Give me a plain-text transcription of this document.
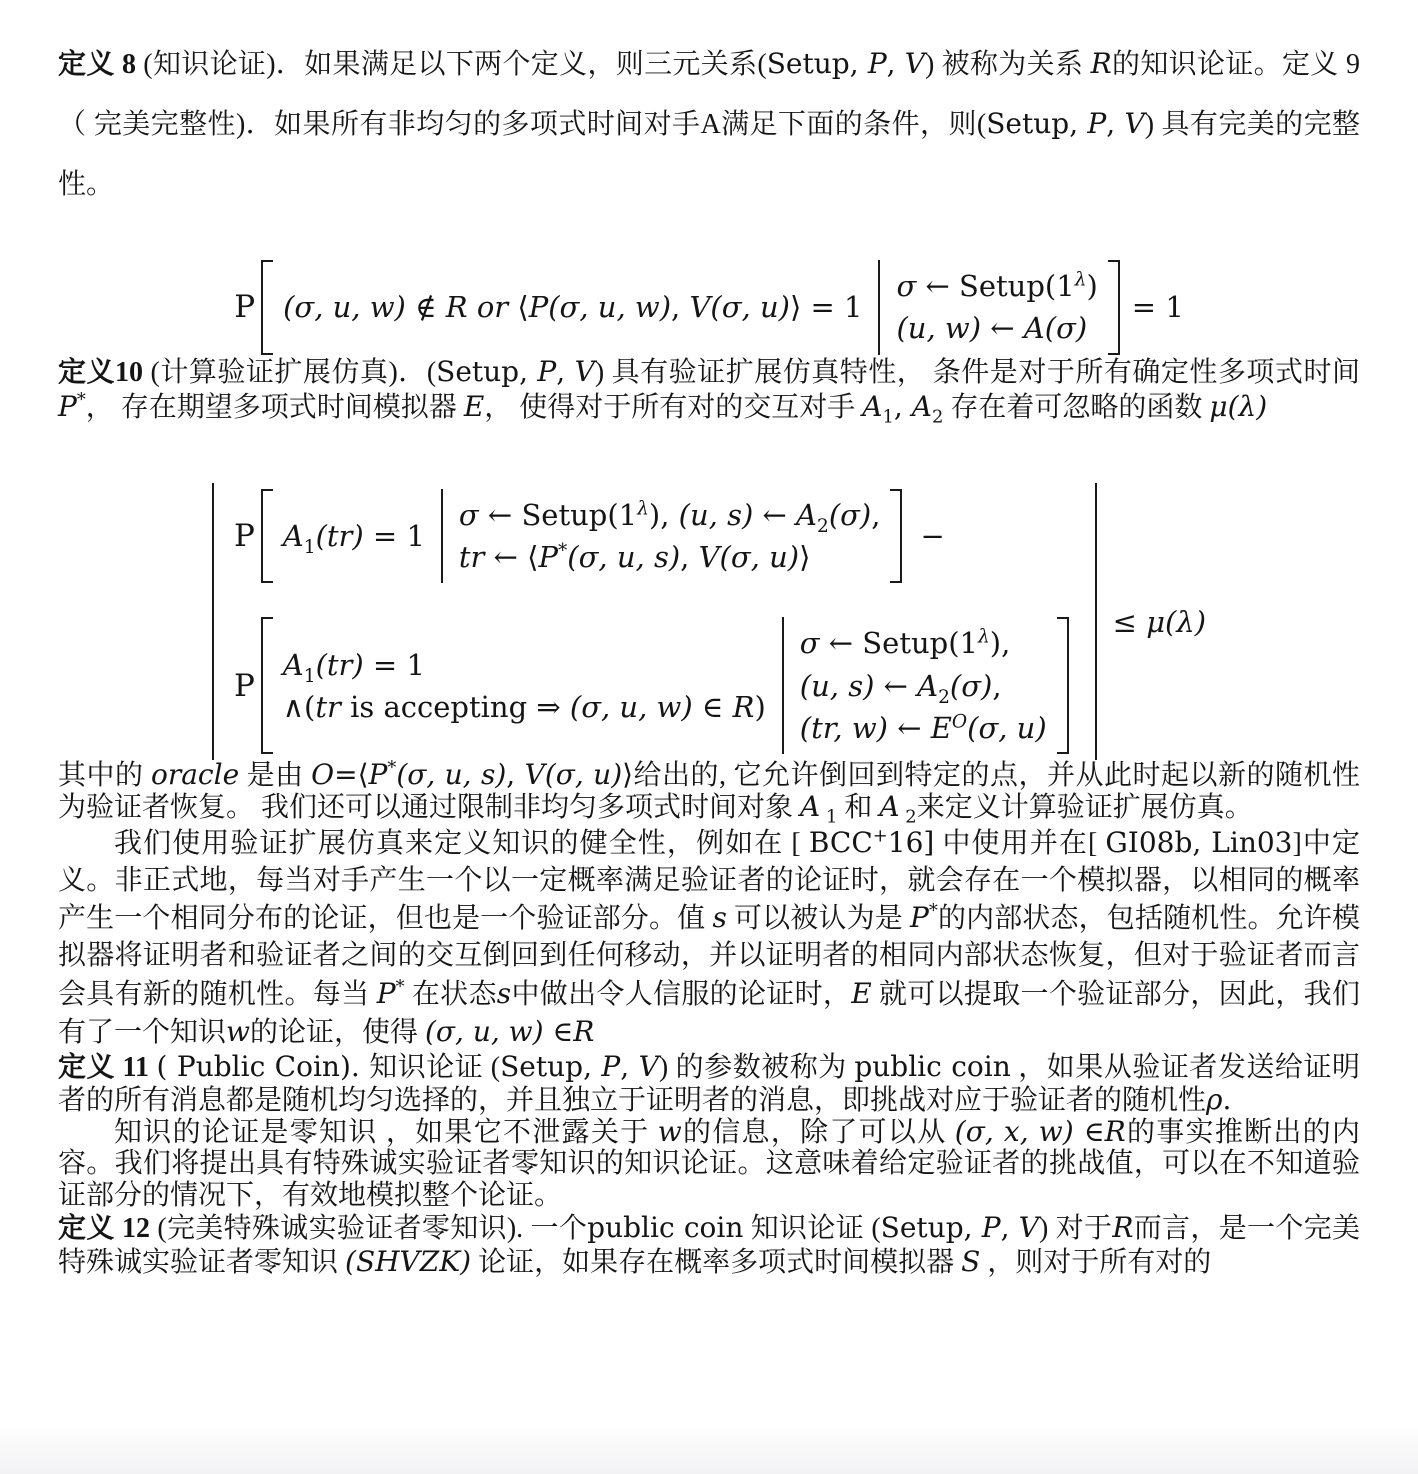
定义 8 (知识论证)．如果满足以下两个定义，则三元关系(Setup, P, V) 被称为关系 R的知识论证。定义 9 （ 完美完整性)．如果所有非均匀的多项式时间对手A满足下面的条件，则(Setup, P, V) 具有完美的完整性。

P (σ, u, w) ∉ R or ⟨P(σ, u, w), V(σ, u)⟩ = 1
σ ← $Setup(1^\lambda)$
(u, w) ← A(σ)
= 1

定义10 (计算验证扩展仿真)．(Setup, P, V) 具有验证扩展仿真特性， 条件是对于所有确定性多项式时间P*， 存在期望多项式时间模拟器 E， 使得对于所有对的交互对手 $A_1$, $A_2$ 存在着可忽略的函数 μ(λ)

P $A_1(tr) = 1$
σ ← $Setup(1^\lambda)$, (u, s) ← $A_2(\sigma)$,
tr ← ⟨P*(σ, u, s), V(σ, u)⟩
−
P
$A_1(tr) = 1$
∧(tr is accepting ⇒ (σ, u, w) ∈ R)
σ ← $Setup(1^\lambda)$,
(u, s) ← $A_2(\sigma)$,
(tr, w) ← $E^O(\sigma$, u)
≤ μ(λ)

其中的 oracle 是由 O=⟨P*(σ, u, s), V(σ, u)⟩给出的, 它允许倒回到特定的点，并从此时起以新的随机性为验证者恢复。 我们还可以通过限制非均匀多项式时间对象 A $_1$ 和 A $_2$来定义计算验证扩展仿真。

我们使用验证扩展仿真来定义知识的健全性，例如在 [ BCC+16] 中使用并在[ GI08b, Lin03]中定义。非正式地，每当对手产生一个以一定概率满足验证者的论证时，就会存在一个模拟器，以相同的概率产生一个相同分布的论证，但也是一个验证部分。值 s 可以被认为是 P*的内部状态，包括随机性。允许模拟器将证明者和验证者之间的交互倒回到任何移动，并以证明者的相同内部状态恢复，但对于验证者而言会具有新的随机性。每当 P* 在状态s中做出令人信服的论证时，E 就可以提取一个验证部分，因此，我们有了一个知识w的论证，使得 (σ, u, w) ∈R

定义 11 ( Public Coin). 知识论证 (Setup, P, V) 的参数被称为 public coin ，如果从验证者发送给证明者的所有消息都是随机均匀选择的，并且独立于证明者的消息，即挑战对应于验证者的随机性ρ.

知识的论证是零知识 ，如果它不泄露关于 w的信息，除了可以从 (σ, x, w) ∈R的事实推断出的内容。我们将提出具有特殊诚实验证者零知识的知识论证。这意味着给定验证者的挑战值，可以在不知道验证部分的情况下，有效地模拟整个论证。

定义 12 (完美特殊诚实验证者零知识). 一个public coin 知识论证 (Setup, P, V) 对于R而言，是一个完美特殊诚实验证者零知识 (SHVZK) 论证，如果存在概率多项式时间模拟器 S ，则对于所有对的
